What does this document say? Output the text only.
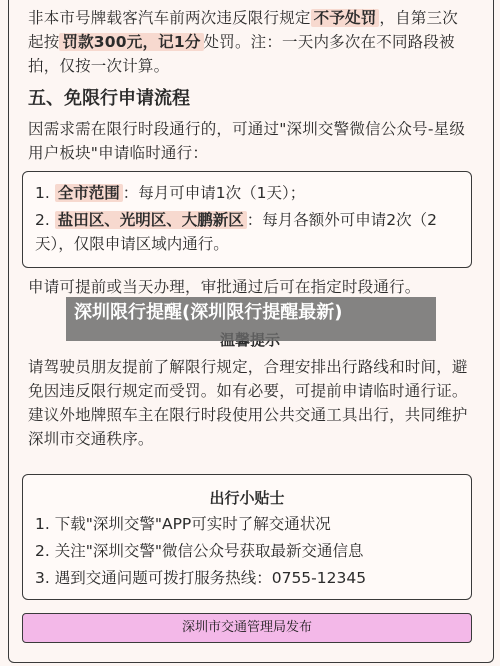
非本市号牌载客汽车前两次违反限行规定 不予处罚 ，自第三次
起按 罚款300元，记1分 处罚。注：一天内多次在不同路段被
拍，仅按一次计算。
五、免限行申请流程
因需求需在限行时段通行的，可通过"深圳交警微信公众号-星级
用户板块"申请临时通行：
1. 全市范围 ：每月可申请1次（1天）；
2. 盐田区、光明区、大鹏新区 ：每月各额外可申请2次（2
天），仅限申请区域内通行。
申请可提前或当天办理，审批通过后可在指定时段通行。
请驾驶员朋友提前了解限行规定，合理安排出行路线和时间，避
免因违反限行规定而受罚。如有必要，可提前申请临时通行证。
建议外地牌照车主在限行时段使用公共交通工具出行，共同维护
深圳市交通秩序。
深圳限行提醒(深圳限行提醒最新)
出行小贴士
1. 下载"深圳交警"APP可实时了解交通状况
2. 关注"深圳交警"微信公众号获取最新交通信息
3. 遇到交通问题可拨打服务热线：0755-12345
深圳市交通管理局发布
